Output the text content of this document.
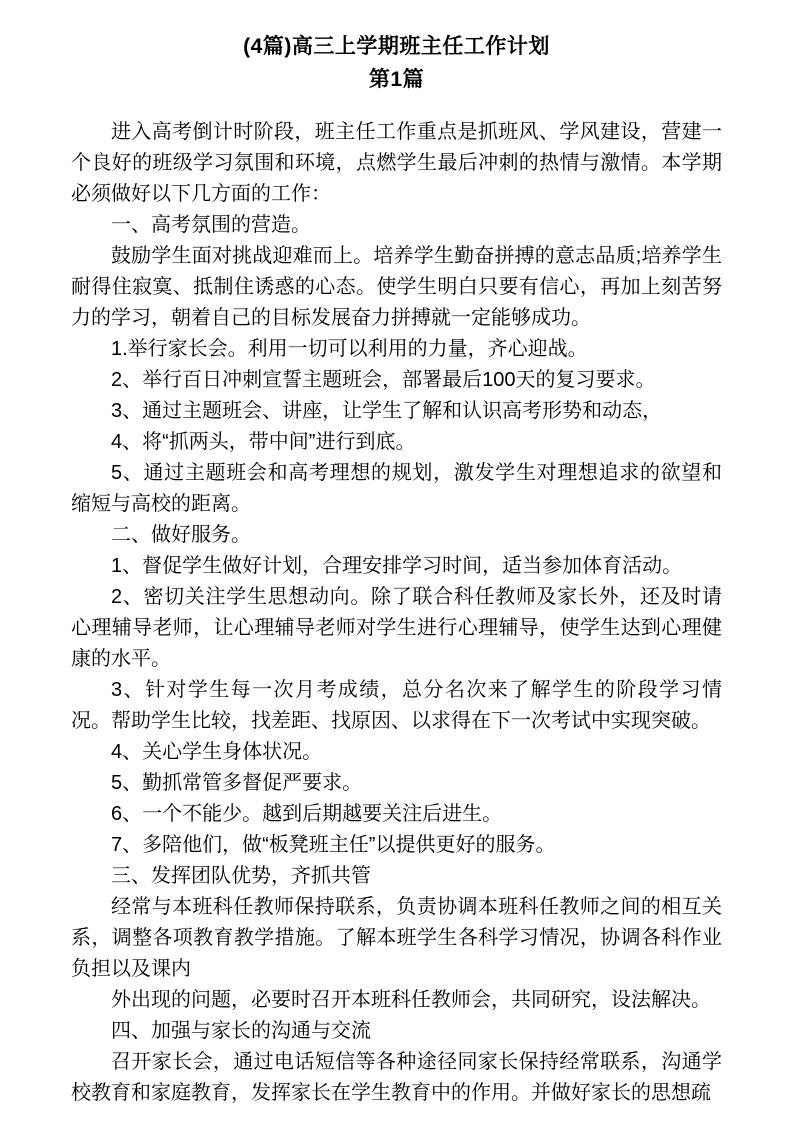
(4篇)高三上学期班主任工作计划
第1篇

进入高考倒计时阶段，班主任工作重点是抓班风、学风建设，营建一个良好的班级学习氛围和环境，点燃学生最后冲刺的热情与激情。本学期必须做好以下几方面的工作：

一、高考氛围的营造。

鼓励学生面对挑战迎难而上。培养学生勤奋拼搏的意志品质;培养学生耐得住寂寞、抵制住诱惑的心态。使学生明白只要有信心，再加上刻苦努力的学习，朝着自己的目标发展奋力拼搏就一定能够成功。

1.举行家长会。利用一切可以利用的力量，齐心迎战。

2、举行百日冲刺宣誓主题班会，部署最后100天的复习要求。

3、通过主题班会、讲座，让学生了解和认识高考形势和动态，

4、将“抓两头，带中间”进行到底。

5、通过主题班会和高考理想的规划，激发学生对理想追求的欲望和缩短与高校的距离。

二、做好服务。

1、督促学生做好计划，合理安排学习时间，适当参加体育活动。

2、密切关注学生思想动向。除了联合科任教师及家长外，还及时请心理辅导老师，让心理辅导老师对学生进行心理辅导，使学生达到心理健康的水平。

3、针对学生每一次月考成绩，总分名次来了解学生的阶段学习情况。帮助学生比较，找差距、找原因、以求得在下一次考试中实现突破。

4、关心学生身体状况。

5、勤抓常管多督促严要求。

6、一个不能少。越到后期越要关注后进生。

7、多陪他们，做“板凳班主任”以提供更好的服务。

三、发挥团队优势，齐抓共管

经常与本班科任教师保持联系，负责协调本班科任教师之间的相互关系，调整各项教育教学措施。了解本班学生各科学习情况，协调各科作业负担以及课内

外出现的问题，必要时召开本班科任教师会，共同研究，设法解决。

四、加强与家长的沟通与交流

召开家长会，通过电话短信等各种途径同家长保持经常联系，沟通学校教育和家庭教育，发挥家长在学生教育中的作用。并做好家长的思想疏
